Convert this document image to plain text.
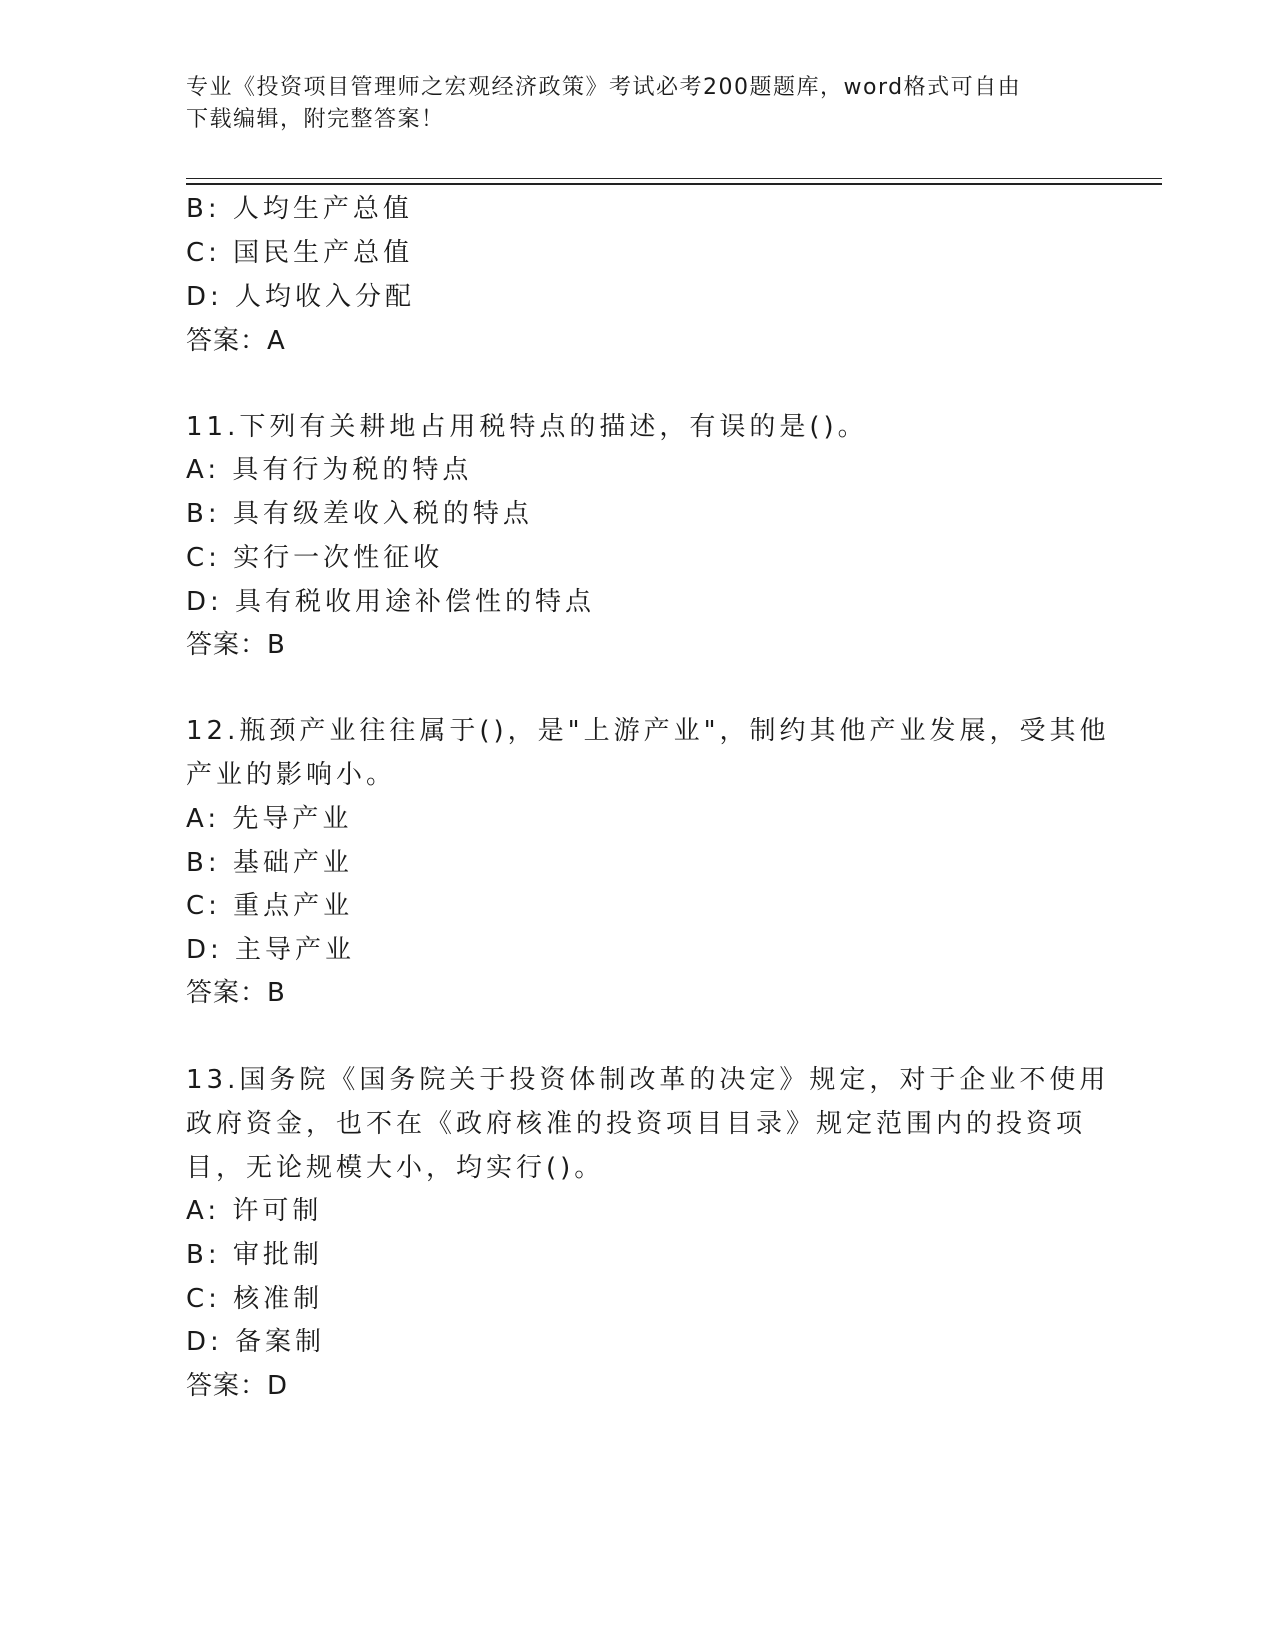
专业《投资项目管理师之宏观经济政策》考试必考200题题库，word格式可自由
下载编辑，附完整答案！
B: 人均生产总值
C: 国民生产总值
D: 人均收入分配
答案：A
11.下列有关耕地占用税特点的描述，有误的是()。
A: 具有行为税的特点
B: 具有级差收入税的特点
C: 实行一次性征收
D: 具有税收用途补偿性的特点
答案：B
12.瓶颈产业往往属于()，是"上游产业"，制约其他产业发展，受其他
产业的影响小。
A: 先导产业
B: 基础产业
C: 重点产业
D: 主导产业
答案：B
13.国务院《国务院关于投资体制改革的决定》规定，对于企业不使用
政府资金，也不在《政府核准的投资项目目录》规定范围内的投资项
目，无论规模大小，均实行()。
A: 许可制
B: 审批制
C: 核准制
D: 备案制
答案：D
